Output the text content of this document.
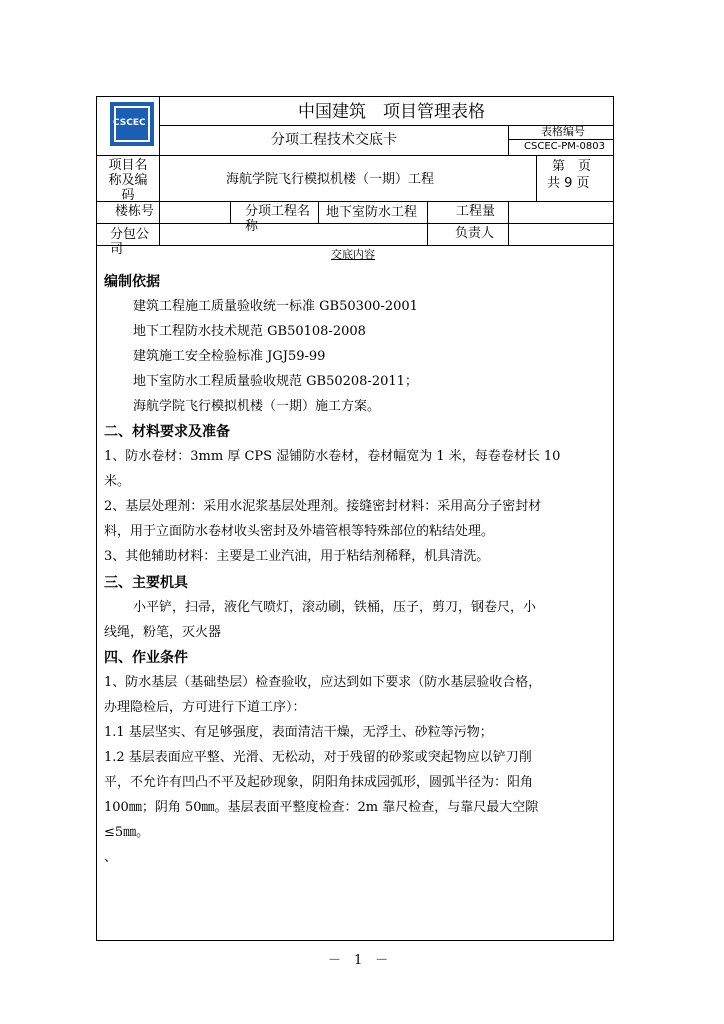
CSCEC
中国建筑　项目管理表格
分项工程技术交底卡
表格编号
CSCEC-PM-0803
项目名称及编码
海航学院飞行模拟机楼（一期）工程
第　页
共 9 页
楼栋号	分项工程名称
地下室防水工程	工程量
分包公司
负责人
交底内容
编制依据
建筑工程施工质量验收统一标准 GB50300-2001
地下工程防水技术规范 GB50108-2008
建筑施工安全检验标准 JGJ59-99
地下室防水工程质量验收规范 GB50208-2011；
海航学院飞行模拟机楼（一期）施工方案。
二、材料要求及准备
1、防水卷材：3mm 厚 CPS 湿铺防水卷材，卷材幅宽为 1 米，每卷卷材长 10
米。
2、基层处理剂：采用水泥浆基层处理剂。接缝密封材料：采用高分子密封材
料，用于立面防水卷材收头密封及外墙管根等特殊部位的粘结处理。
3、其他辅助材料：主要是工业汽油，用于粘结剂稀释，机具清洗。
三、主要机具
小平铲，扫帚，液化气喷灯，滚动刷，铁桶，压子，剪刀，钢卷尺，小
线绳，粉笔，灭火器
四、作业条件
1、防水基层（基础垫层）检查验收，应达到如下要求（防水基层验收合格，
办理隐检后，方可进行下道工序）：
1.1 基层坚实、有足够强度，表面清洁干燥，无浮土、砂粒等污物；
1.2 基层表面应平整、光滑、无松动，对于残留的砂浆或突起物应以铲刀削
平，不允许有凹凸不平及起砂现象，阴阳角抹成园弧形，圆弧半径为：阳角
100㎜；阴角 50㎜。基层表面平整度检查：2m 靠尺检查，与靠尺最大空隙
≤5㎜。
、
－　1　－
